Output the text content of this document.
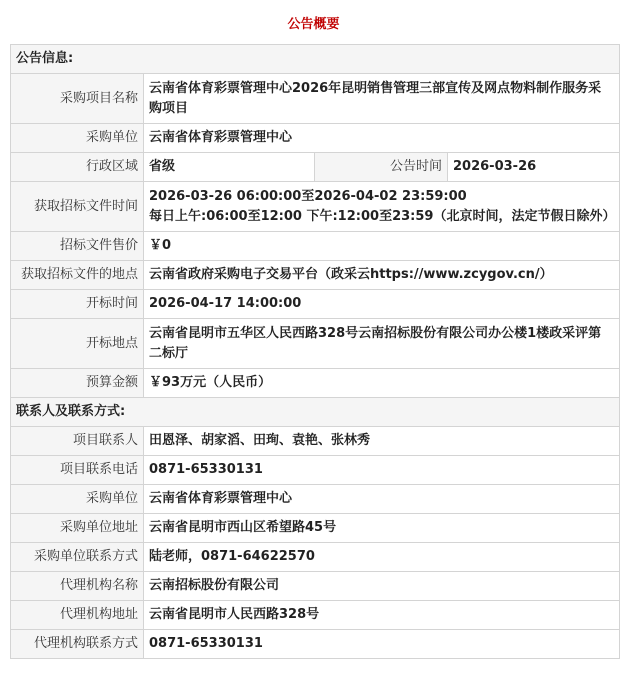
公告概要
公告信息:			
采购项目名称	云南省体育彩票管理中心2026年昆明销售管理三部宣传及网点物料制作服务采购项目		
采购单位	云南省体育彩票管理中心		
行政区域	省级	公告时间	2026-03-26
获取招标文件时间	2026-03-26 06:00:00至2026-04-02 23:59:00
每日上午:06:00至12:00 下午:12:00至23:59（北京时间，法定节假日除外）		

招标文件售价	￥0		
获取招标文件的地点	云南省政府采购电子交易平台（政采云https://www.zcygov.cn/）		
开标时间	2026-04-17 14:00:00		
开标地点	云南省昆明市五华区人民西路328号云南招标股份有限公司办公楼1楼政采评第二标厅		
预算金额	￥93万元（人民币）		
联系人及联系方式:			
项目联系人	田恩泽、胡家滔、田珣、袁艳、张林秀		
项目联系电话	0871-65330131		
采购单位	云南省体育彩票管理中心		
采购单位地址	云南省昆明市西山区希望路45号		
采购单位联系方式	陆老师，0871-64622570		
代理机构名称	云南招标股份有限公司		
代理机构地址	云南省昆明市人民西路328号		
代理机构联系方式	0871-65330131		
